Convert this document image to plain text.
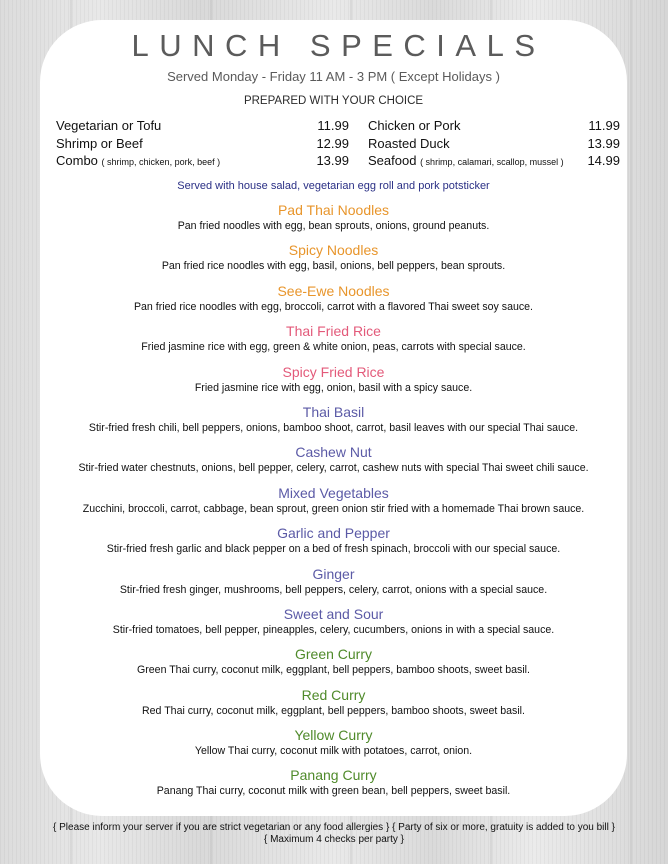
LUNCH SPECIALS
Served Monday - Friday 11 AM - 3 PM ( Except Holidays )
PREPARED WITH YOUR CHOICE
Vegetarian or Tofu	11.99
Shrimp or Beef	12.99
Combo ( shrimp, chicken, pork, beef )	13.99
Chicken or Pork	11.99
Roasted Duck	13.99
Seafood ( shrimp, calamari, scallop, mussel ) 14.99
Served with house salad, vegetarian egg roll and pork potsticker
Pad Thai Noodles
Pan fried noodles with egg, bean sprouts, onions, ground peanuts.
Spicy Noodles
Pan fried rice noodles with egg, basil, onions, bell peppers, bean sprouts.
See-Ewe Noodles
Pan fried rice noodles with egg, broccoli, carrot with a flavored Thai sweet soy sauce.
Thai Fried Rice
Fried jasmine rice with egg, green & white onion, peas, carrots with special sauce.
Spicy Fried Rice
Fried jasmine rice with egg, onion, basil with a spicy sauce.
Thai Basil
Stir-fried fresh chili, bell peppers, onions, bamboo shoot, carrot, basil leaves with our special Thai sauce.
Cashew Nut
Stir-fried water chestnuts, onions, bell pepper, celery, carrot, cashew nuts with special Thai sweet chili sauce.
Mixed Vegetables
Zucchini, broccoli, carrot, cabbage, bean sprout, green onion stir fried with a homemade Thai brown sauce.
Garlic and Pepper
Stir-fried fresh garlic and black pepper on a bed of fresh spinach, broccoli with our special sauce.
Ginger
Stir-fried fresh ginger, mushrooms, bell peppers, celery, carrot, onions with a special sauce.
Sweet and Sour
Stir-fried tomatoes, bell pepper, pineapples, celery, cucumbers, onions in with a special sauce.
Green Curry
Green Thai curry, coconut milk, eggplant, bell peppers, bamboo shoots, sweet basil.
Red Curry
Red Thai curry, coconut milk, eggplant, bell peppers, bamboo shoots, sweet basil.
Yellow Curry
Yellow Thai curry, coconut milk with potatoes, carrot, onion.
Panang Curry
Panang Thai curry, coconut milk with green bean, bell peppers, sweet basil.
{ Please inform your server if you are strict vegetarian or any food allergies } { Party of six or more, gratuity is added to you bill }
{ Maximum 4 checks per party }
